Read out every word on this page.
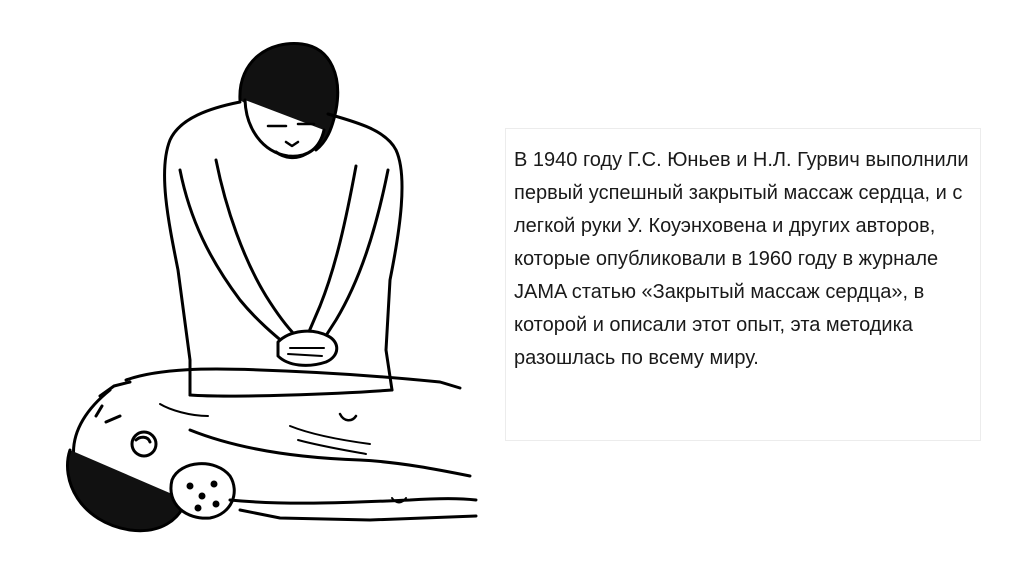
В 1940 году Г.С. Юньев и Н.Л. Гурвич выполнили первый успешный закрытый массаж сердца, и с легкой руки У. Коуэнховена и других авторов, которые опубликовали в 1960 году в журнале JAMA статью «Закрытый массаж сердца», в которой и описали этот опыт, эта методика разошлась по всему миру.
